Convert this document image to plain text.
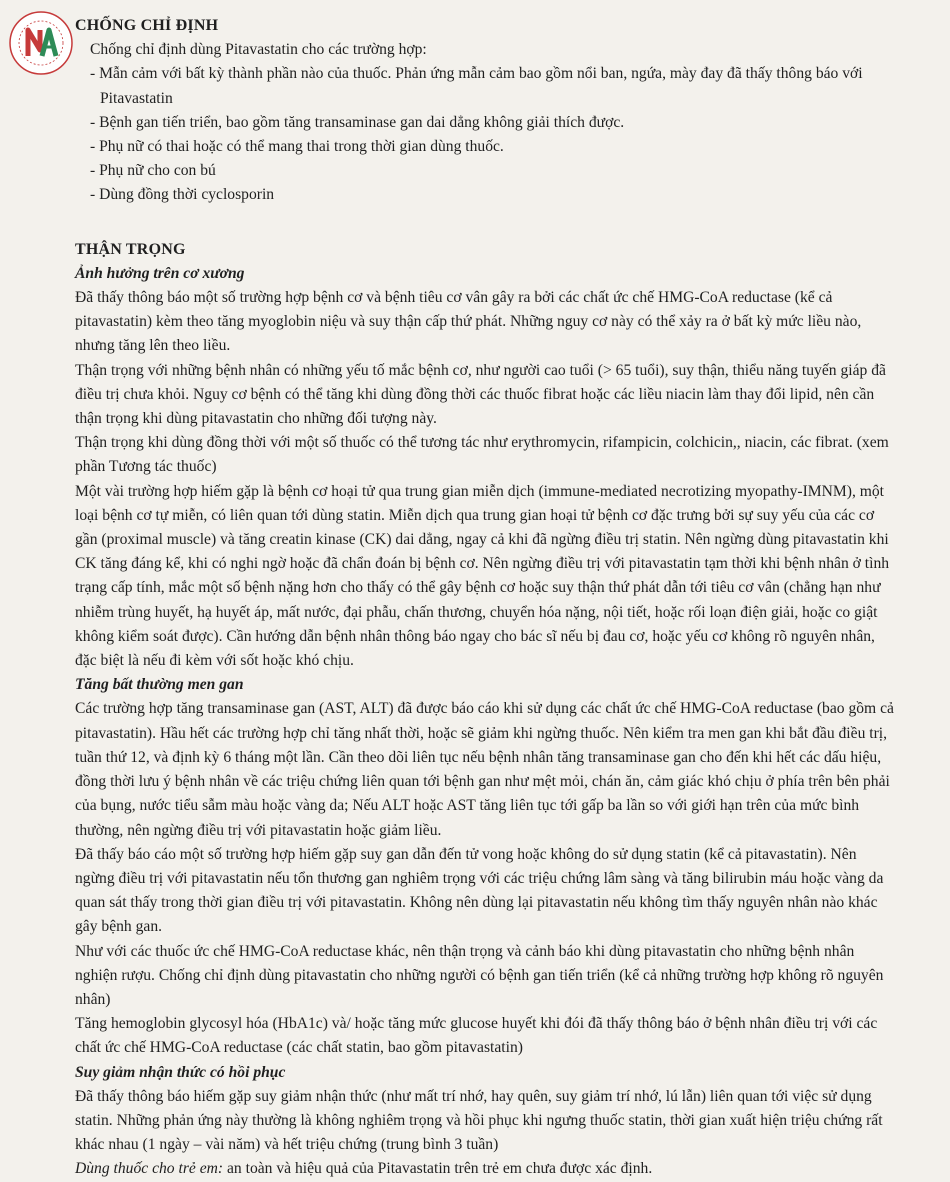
CHỐNG CHỈ ĐỊNH

Chống chỉ định dùng Pitavastatin cho các trường hợp:

- Mẫn cảm với bất kỳ thành phần nào của thuốc. Phản ứng mẫn cảm bao gồm nổi ban, ngứa, mày đay đã thấy thông báo với Pitavastatin

- Bệnh gan tiến triển, bao gồm tăng transaminase gan dai dẳng không giải thích được.

- Phụ nữ có thai hoặc có thể mang thai trong thời gian dùng thuốc.

- Phụ nữ cho con bú

- Dùng đồng thời cyclosporin

THẬN TRỌNG

Ảnh hưởng trên cơ xương

Đã thấy thông báo một số trường hợp bệnh cơ và bệnh tiêu cơ vân gây ra bởi các chất ức chế HMG-CoA reductase (kể cả pitavastatin) kèm theo tăng myoglobin niệu và suy thận cấp thứ phát. Những nguy cơ này có thể xảy ra ở bất kỳ mức liều nào, nhưng tăng lên theo liều.

Thận trọng với những bệnh nhân có những yếu tố mắc bệnh cơ, như người cao tuổi (> 65 tuổi), suy thận, thiểu năng tuyến giáp đã điều trị chưa khỏi. Nguy cơ bệnh có thể tăng khi dùng đồng thời các thuốc fibrat hoặc các liều niacin làm thay đổi lipid, nên cần thận trọng khi dùng pitavastatin cho những đối tượng này.

Thận trọng khi dùng đồng thời với một số thuốc có thể tương tác như erythromycin, rifampicin, colchicin,, niacin, các fibrat. (xem phần Tương tác thuốc)

Một vài trường hợp hiếm gặp là bệnh cơ hoại tử qua trung gian miễn dịch (immune-mediated necrotizing myopathy-IMNM), một loại bệnh cơ tự miễn, có liên quan tới dùng statin. Miễn dịch qua trung gian hoại tử bệnh cơ đặc trưng bởi sự suy yếu của các cơ gần (proximal muscle) và tăng creatin kinase (CK) dai dẳng, ngay cả khi đã ngừng điều trị statin. Nên ngừng dùng pitavastatin khi CK tăng đáng kể, khi có nghi ngờ hoặc đã chẩn đoán bị bệnh cơ. Nên ngừng điều trị với pitavastatin tạm thời khi bệnh nhân ở tình trạng cấp tính, mắc một số bệnh nặng hơn cho thấy có thể gây bệnh cơ hoặc suy thận thứ phát dẫn tới tiêu cơ vân (chẳng hạn như nhiễm trùng huyết, hạ huyết áp, mất nước, đại phẫu, chấn thương, chuyển hóa nặng, nội tiết, hoặc rối loạn điện giải, hoặc co giật không kiểm soát được). Cần hướng dẫn bệnh nhân thông báo ngay cho bác sĩ nếu bị đau cơ, hoặc yếu cơ không rõ nguyên nhân, đặc biệt là nếu đi kèm với sốt hoặc khó chịu.

Tăng bất thường men gan

Các trường hợp tăng transaminase gan (AST, ALT) đã được báo cáo khi sử dụng các chất ức chế HMG-CoA reductase (bao gồm cả pitavastatin). Hầu hết các trường hợp chỉ tăng nhất thời, hoặc sẽ giảm khi ngừng thuốc. Nên kiểm tra men gan khi bắt đầu điều trị, tuần thứ 12, và định kỳ 6 tháng một lần. Cần theo dõi liên tục nếu bệnh nhân tăng transaminase gan cho đến khi hết các dấu hiệu, đồng thời lưu ý bệnh nhân về các triệu chứng liên quan tới bệnh gan như mệt mỏi, chán ăn, cảm giác khó chịu ở phía trên bên phải của bụng, nước tiểu sẫm màu hoặc vàng da; Nếu ALT hoặc AST tăng liên tục tới gấp ba lần so với giới hạn trên của mức bình thường, nên ngừng điều trị với pitavastatin hoặc giảm liều.

Đã thấy báo cáo một số trường hợp hiếm gặp suy gan dẫn đến tử vong hoặc không do sử dụng statin (kể cả pitavastatin). Nên ngừng điều trị với pitavastatin nếu tổn thương gan nghiêm trọng với các triệu chứng lâm sàng và tăng bilirubin máu hoặc vàng da quan sát thấy trong thời gian điều trị với pitavastatin. Không nên dùng lại pitavastatin nếu không tìm thấy nguyên nhân nào khác gây bệnh gan.

Như với các thuốc ức chế HMG-CoA reductase khác, nên thận trọng và cảnh báo khi dùng pitavastatin cho những bệnh nhân nghiện rượu. Chống chỉ định dùng pitavastatin cho những người có bệnh gan tiến triển (kể cả những trường hợp không rõ nguyên nhân)

Tăng hemoglobin glycosyl hóa (HbA1c) và/ hoặc tăng mức glucose huyết khi đói đã thấy thông báo ở bệnh nhân điều trị với các chất ức chế HMG-CoA reductase (các chất statin, bao gồm pitavastatin)

Suy giảm nhận thức có hồi phục

Đã thấy thông báo hiếm gặp suy giảm nhận thức (như mất trí nhớ, hay quên, suy giảm trí nhớ, lú lẫn) liên quan tới việc sử dụng statin. Những phản ứng này thường là không nghiêm trọng và hồi phục khi ngưng thuốc statin, thời gian xuất hiện triệu chứng rất khác nhau (1 ngày – vài năm) và hết triệu chứng (trung bình 3 tuần)

Dùng thuốc cho trẻ em: an toàn và hiệu quả của Pitavastatin trên trẻ em chưa được xác định.
